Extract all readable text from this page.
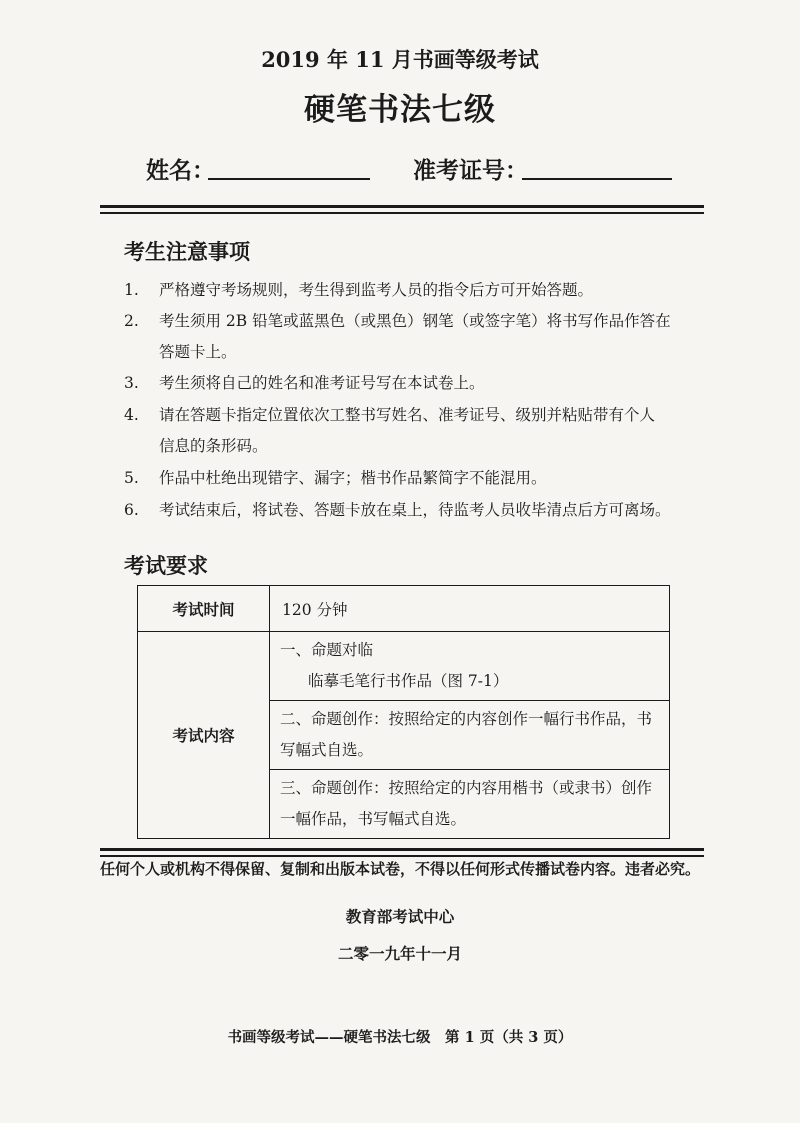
2019 年 11 月书画等级考试
硬笔书法七级
姓名：	准考证号：
考生注意事项
1.	严格遵守考场规则，考生得到监考人员的指令后方可开始答题。
2.	考生须用 2B 铅笔或蓝黑色（或黑色）钢笔（或签字笔）将书写作品作答在
答题卡上。
3.	考生须将自己的姓名和准考证号写在本试卷上。
4.	请在答题卡指定位置依次工整书写姓名、准考证号、级别并粘贴带有个人
信息的条形码。
5.	作品中杜绝出现错字、漏字；楷书作品繁简字不能混用。
6.	考试结束后，将试卷、答题卡放在桌上，待监考人员收毕清点后方可离场。
考试要求
考试时间	120 分钟
考试内容	一、命题对临
临摹毛笔行书作品（图 7-1）

	二、命题创作：按照给定的内容创作一幅行书作品，书
写幅式自选。

	三、命题创作：按照给定的内容用楷书（或隶书）创作
一幅作品，书写幅式自选。
任何个人或机构不得保留、复制和出版本试卷，不得以任何形式传播试卷内容。违者必究。
教育部考试中心
二零一九年十一月
书画等级考试——硬笔书法七级　第 1 页（共 3 页）
